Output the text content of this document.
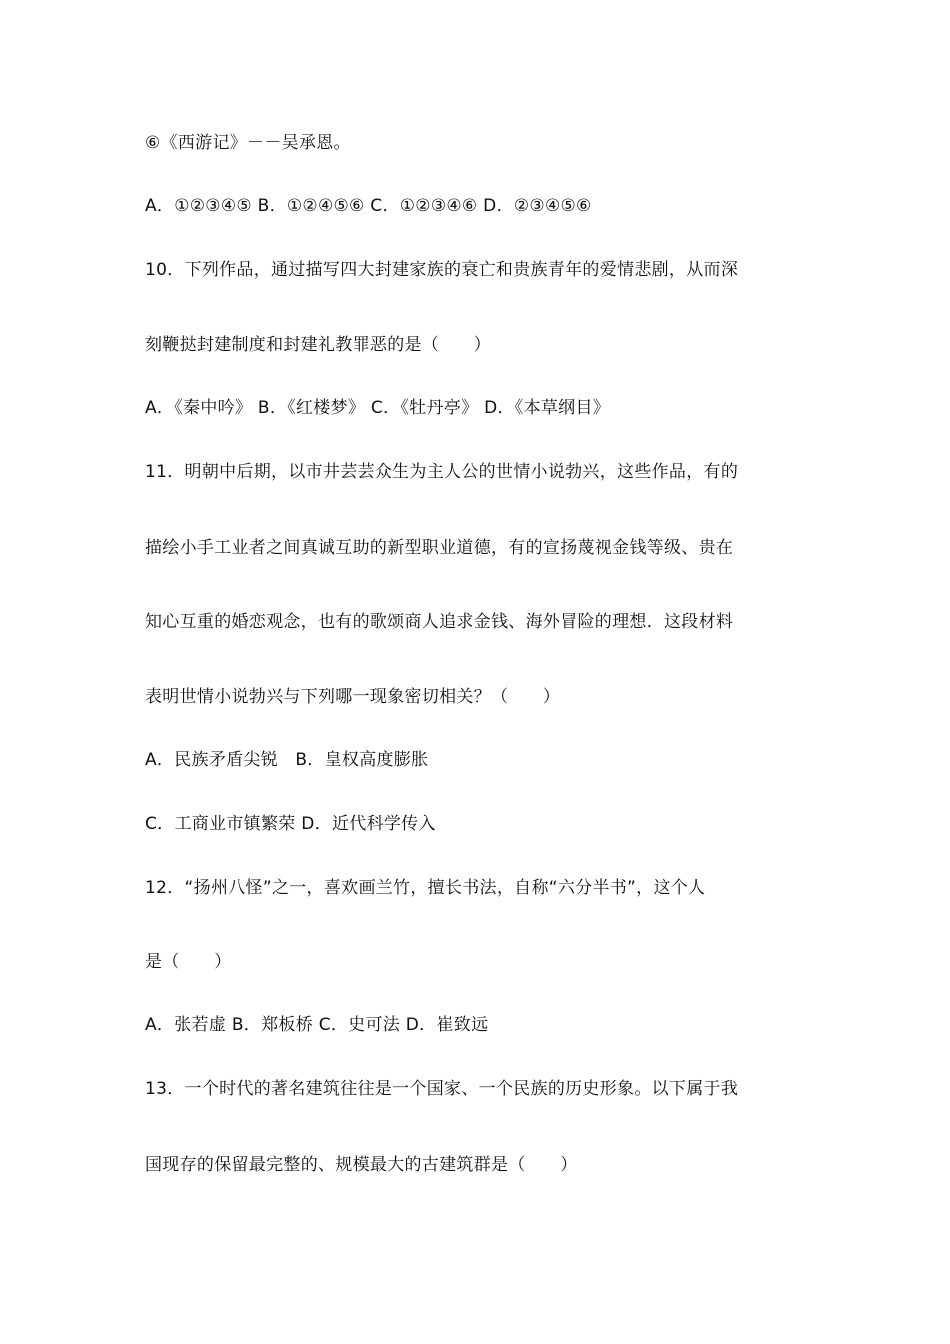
⑥《西游记》－－吴承恩。
A．①②③④⑤ B．①②④⑤⑥ C．①②③④⑥ D．②③④⑤⑥
10．下列作品，通过描写四大封建家族的衰亡和贵族青年的爱情悲剧，从而深
刻鞭挞封建制度和封建礼教罪恶的是（　　）
A．《秦中吟》 B．《红楼梦》 C．《牡丹亭》 D．《本草纲目》
11．明朝中后期，以市井芸芸众生为主人公的世情小说勃兴，这些作品，有的
描绘小手工业者之间真诚互助的新型职业道德，有的宣扬蔑视金钱等级、贵在
知心互重的婚恋观念，也有的歌颂商人追求金钱、海外冒险的理想．这段材料
表明世情小说勃兴与下列哪一现象密切相关？（　　）
A．民族矛盾尖锐　B．皇权高度膨胀
C．工商业市镇繁荣 D．近代科学传入
12．“扬州八怪”之一，喜欢画兰竹，擅长书法，自称“六分半书”，这个人
是（　　）
A．张若虚 B．郑板桥 C．史可法 D．崔致远
13．一个时代的著名建筑往往是一个国家、一个民族的历史形象。以下属于我
国现存的保留最完整的、规模最大的古建筑群是（　　）
